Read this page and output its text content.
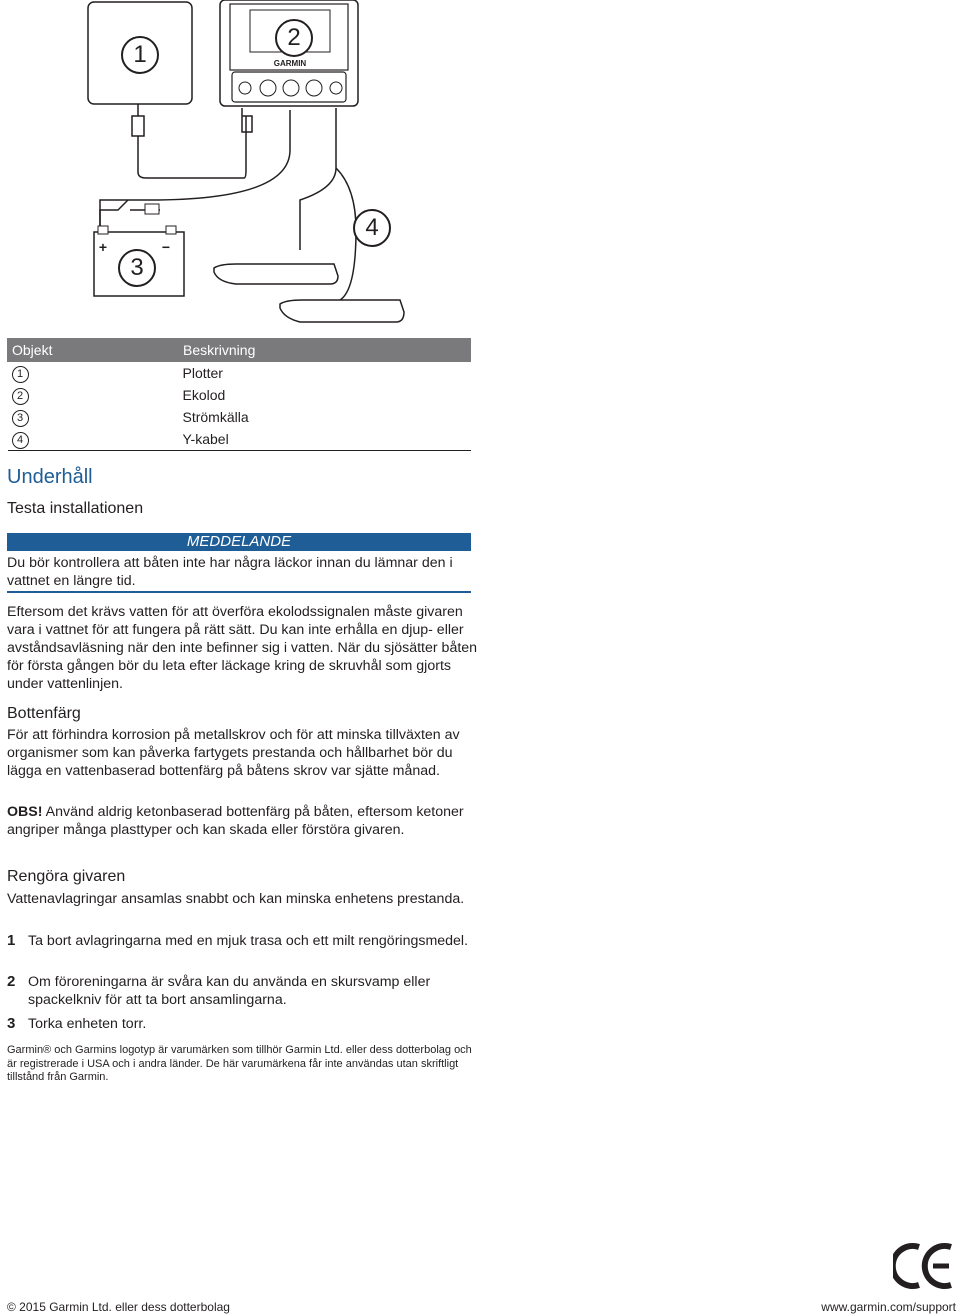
GARMIN
+	−
1
2
3
4
Objekt	Beskrivning
1	Plotter
2	Ekolod
3	Strömkälla
4	Y-kabel
Underhåll
Testa installationen
MEDDELANDE
Du bör kontrollera att båten inte har några läckor innan du lämnar den i vattnet en längre tid.
Eftersom det krävs vatten för att överföra ekolodssignalen måste givaren vara i vattnet för att fungera på rätt sätt. Du kan inte erhålla en djup- eller avståndsavläsning när den inte befinner sig i vatten. När du sjösätter båten för första gången bör du leta efter läckage kring de skruvhål som gjorts under vattenlinjen.
Bottenfärg
För att förhindra korrosion på metallskrov och för att minska tillväxten av organismer som kan påverka fartygets prestanda och hållbarhet bör du lägga en vattenbaserad bottenfärg på båtens skrov var sjätte månad.
OBS! Använd aldrig ketonbaserad bottenfärg på båten, eftersom ketoner angriper många plasttyper och kan skada eller förstöra givaren.
Rengöra givaren
Vattenavlagringar ansamlas snabbt och kan minska enhetens prestanda.
1 Ta bort avlagringarna med en mjuk trasa och ett milt rengöringsmedel.
2 Om föroreningarna är svåra kan du använda en skursvamp eller spackelkniv för att ta bort ansamlingarna.
3 Torka enheten torr.
Garmin® och Garmins logotyp är varumärken som tillhör Garmin Ltd. eller dess dotterbolag och är registrerade i USA och i andra länder. De här varumärkena får inte användas utan skriftligt tillstånd från Garmin.
© 2015 Garmin Ltd. eller dess dotterbolag	www.garmin.com/support
